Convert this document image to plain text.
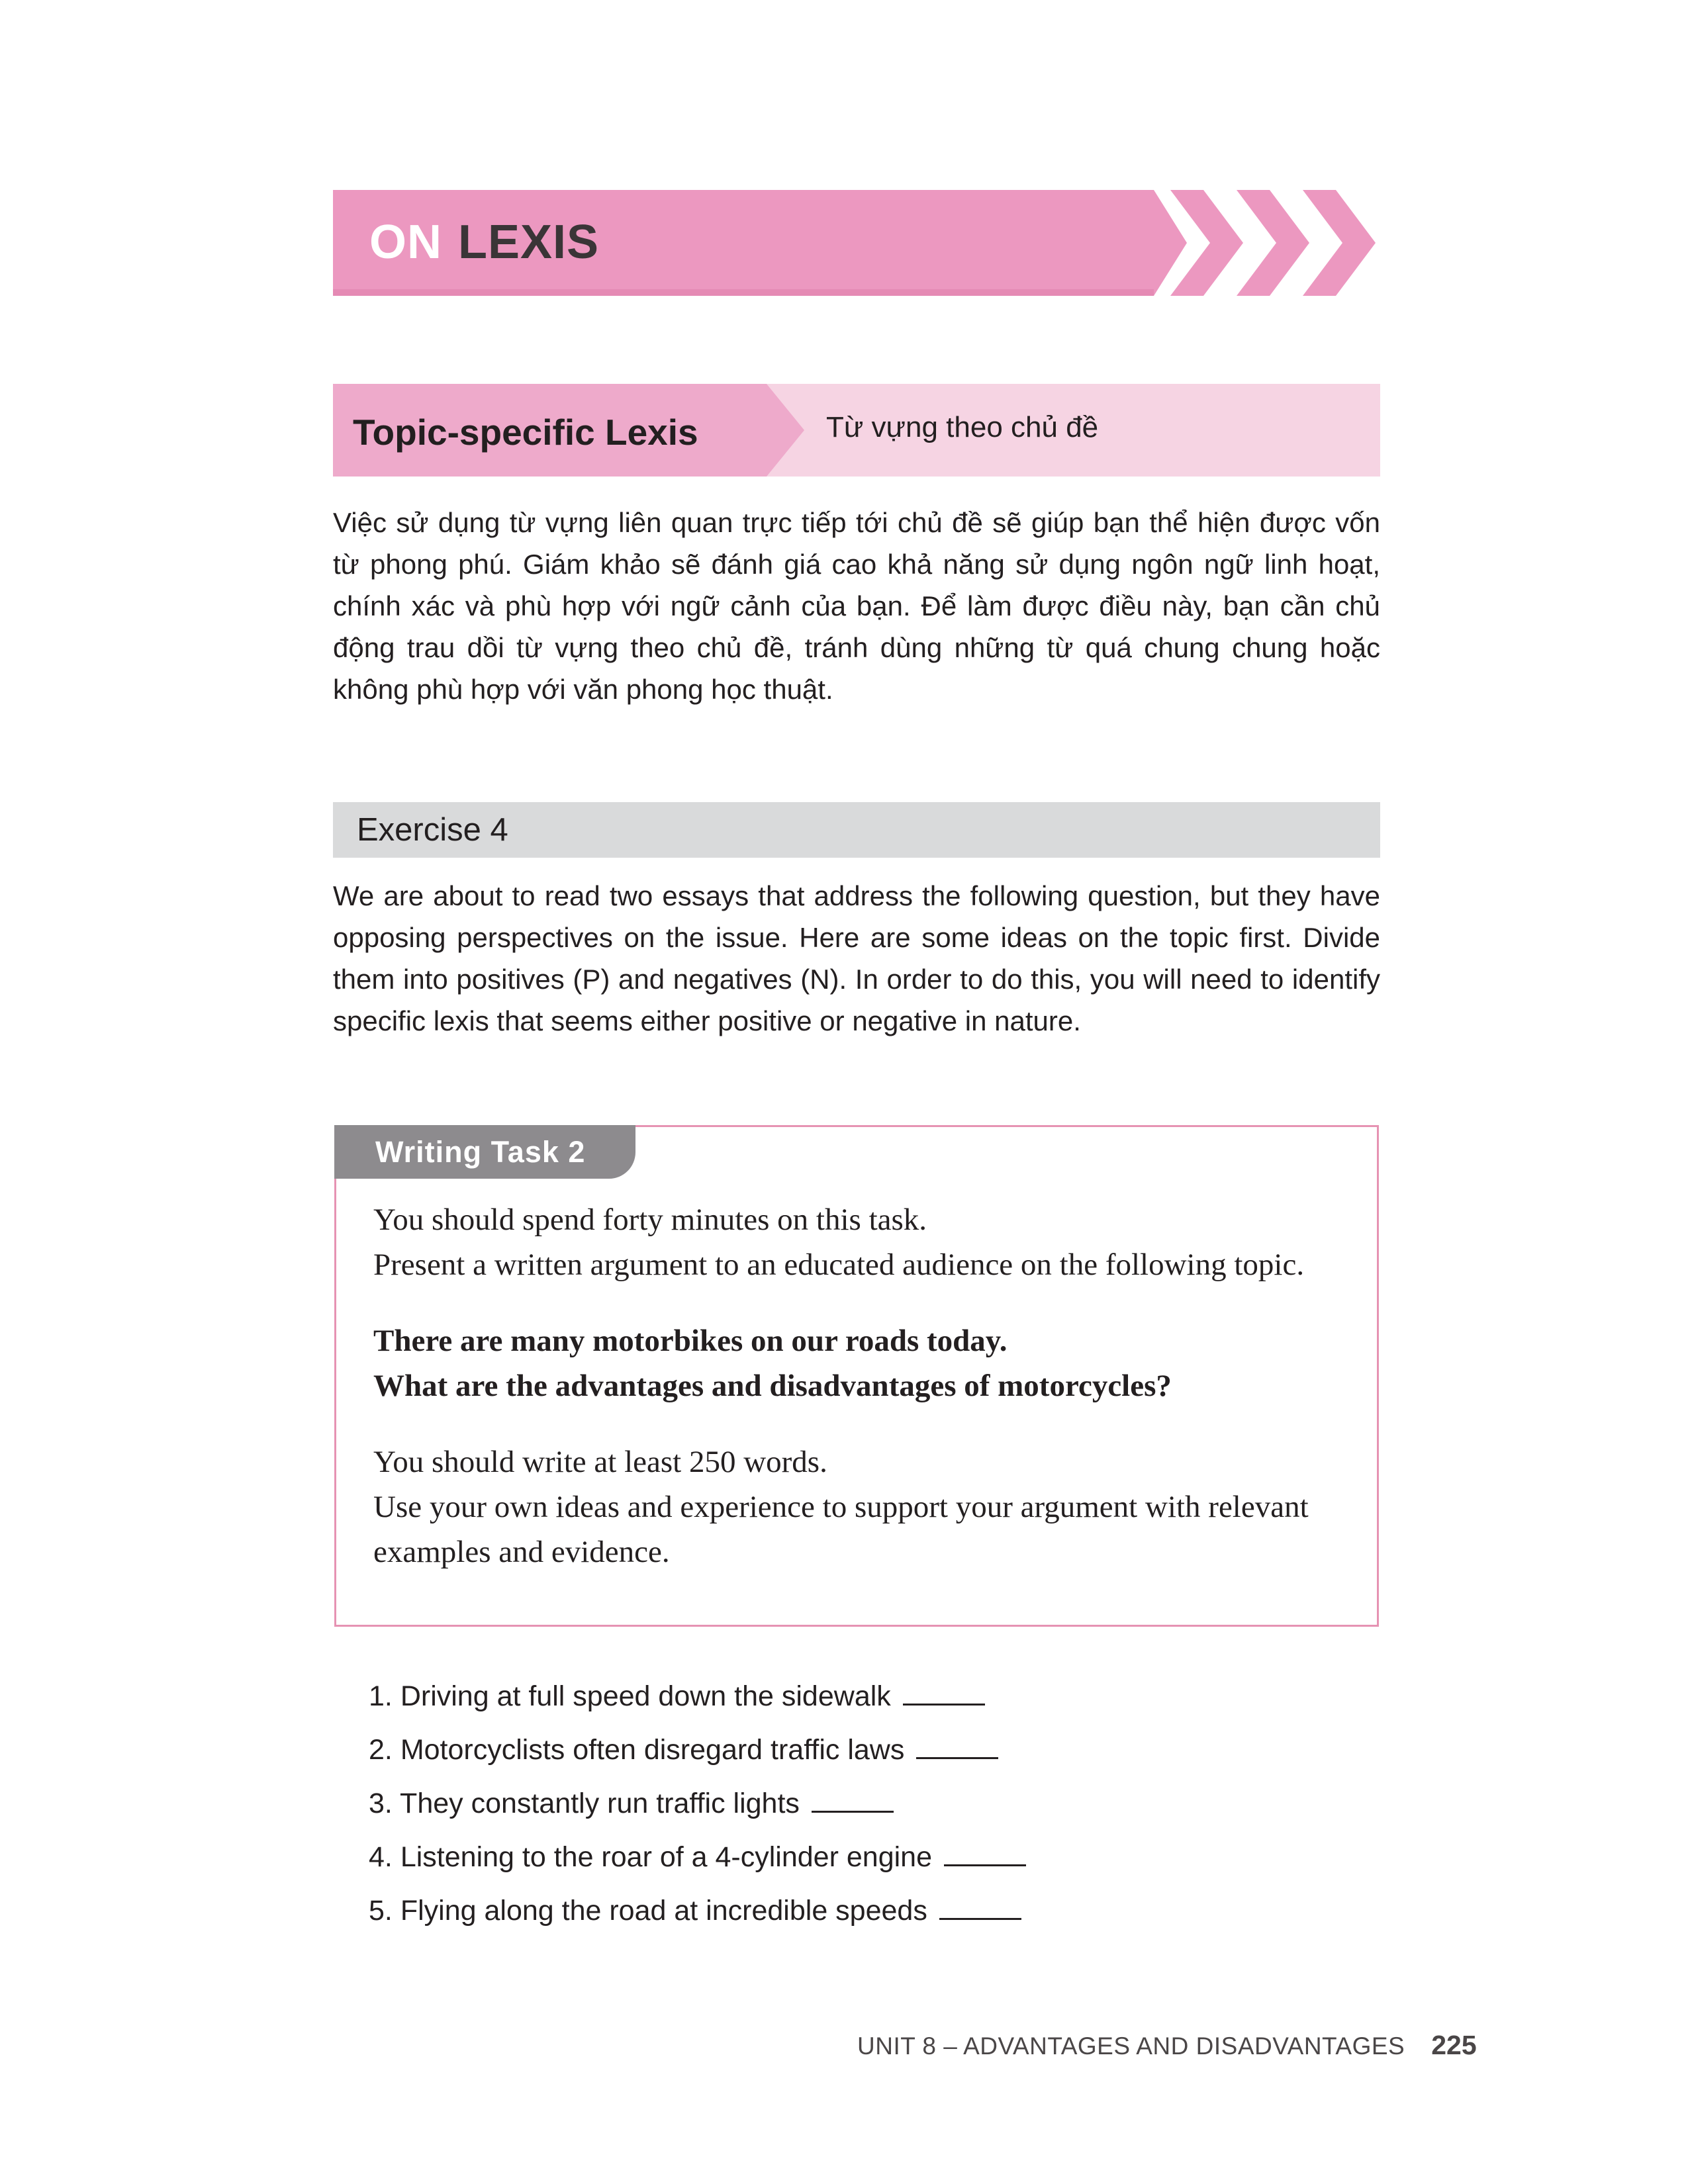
ON LEXIS
Topic-specific Lexis	Từ vựng theo chủ đề
Việc sử dụng từ vựng liên quan trực tiếp tới chủ đề sẽ giúp bạn thể hiện được vốn từ phong phú. Giám khảo sẽ đánh giá cao khả năng sử dụng ngôn ngữ linh hoạt, chính xác và phù hợp với ngữ cảnh của bạn. Để làm được điều này, bạn cần chủ động trau dồi từ vựng theo chủ đề, tránh dùng những từ quá chung chung hoặc không phù hợp với văn phong học thuật.
Exercise 4
We are about to read two essays that address the following question, but they have opposing perspectives on the issue. Here are some ideas on the topic first. Divide them into positives (P) and negatives (N). In order to do this, you will need to identify specific lexis that seems either positive or negative in nature.
Writing Task 2
You should spend forty minutes on this task.
Present a written argument to an educated audience on the following topic.
There are many motorbikes on our roads today.
What are the advantages and disadvantages of motorcycles?
You should write at least 250 words.
Use your own ideas and experience to support your argument with relevant
examples and evidence.
1. Driving at full speed down the sidewalk
2. Motorcyclists often disregard traffic laws
3. They constantly run traffic lights
4. Listening to the roar of a 4-cylinder engine
5. Flying along the road at incredible speeds
UNIT 8 – ADVANTAGES AND DISADVANTAGES 225
